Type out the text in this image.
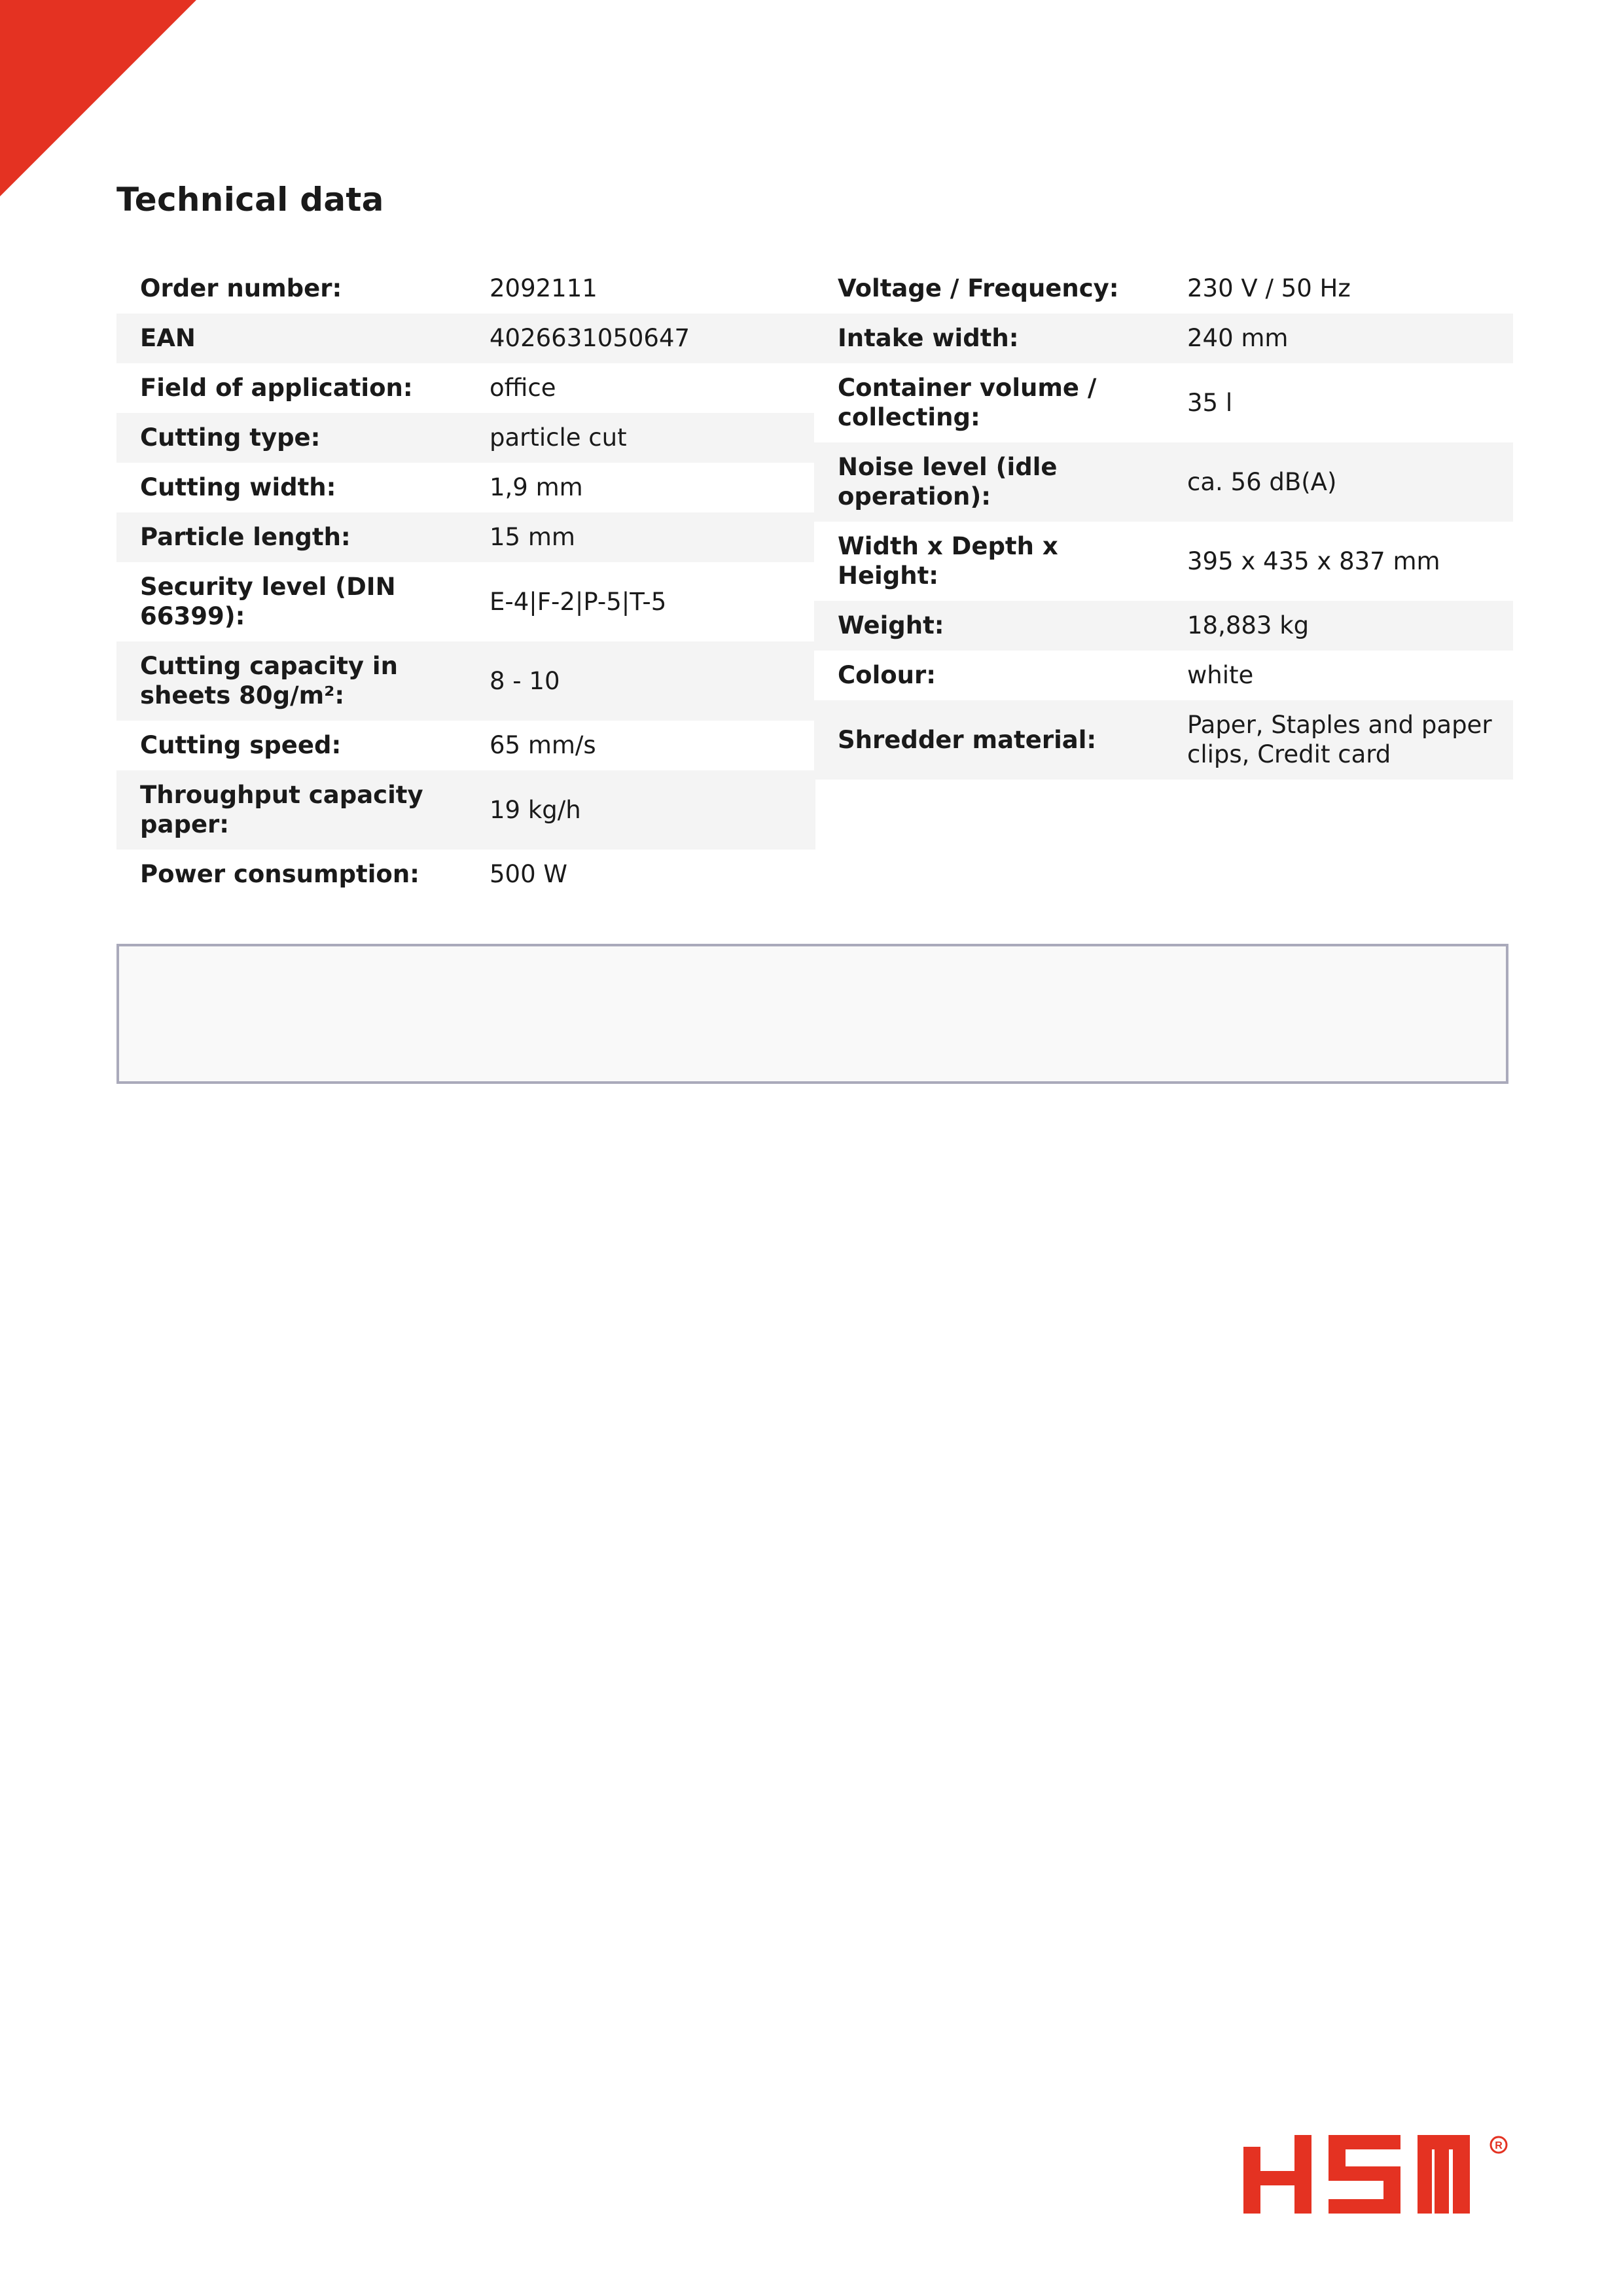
Technical data
Order number:	2092111
EAN	4026631050647
Field of application:	office
Cutting type:	particle cut
Cutting width:	1,9 mm
Particle length:	15 mm
Security level (DIN 66399):	E-4|F-2|P-5|T-5
Cutting capacity in sheets 80g/m²:	8 - 10
Cutting speed:	65 mm/s
Throughput capacity paper:	19 kg/h
Power consumption:	500 W
Voltage / Frequency:	230 V / 50 Hz
Intake width:	240 mm
Container volume / collecting:	35 l
Noise level (idle operation):	ca. 56 dB(A)
Width x Depth x Height:	395 x 435 x 837 mm
Weight:	18,883 kg
Colour:	white
Shredder material:	Paper, Staples and paper clips, Credit card
R
